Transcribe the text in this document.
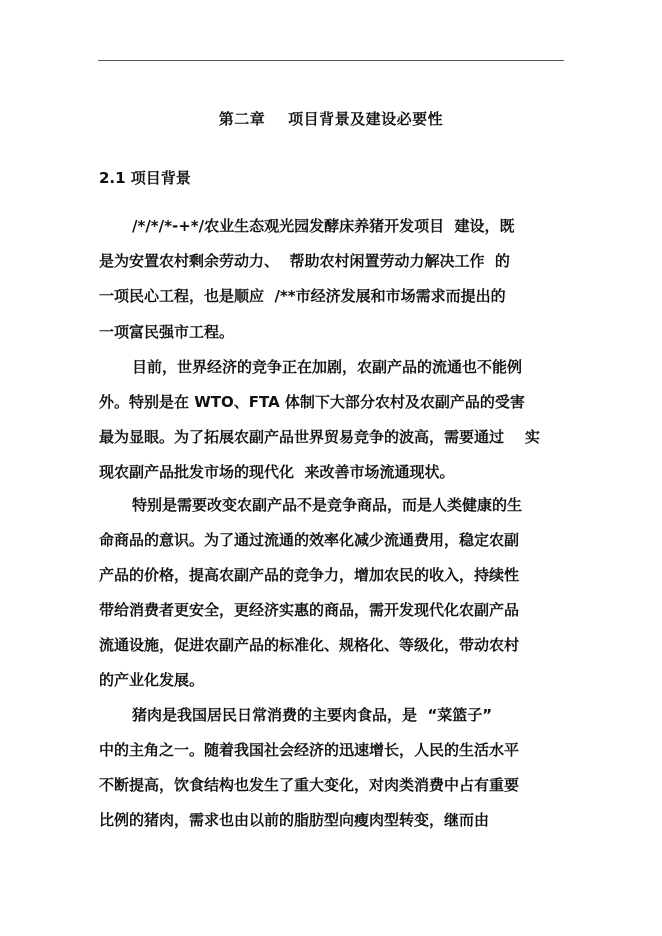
第二章    项目背景及建设必要性
2.1 项目背景
/*/*/*-+*/农业生态观光园发酵床养猪开发项目  建设，既
是为安置农村剩余劳动力、  帮助农村闲置劳动力解决工作  的
一项民心工程，也是顺应  /**市经济发展和市场需求而提出的
一项富民强市工程。
目前，世界经济的竞争正在加剧，农副产品的流通也不能例
外。特别是在 WTO、FTA 体制下大部分农村及农副产品的受害
最为显眼。为了拓展农副产品世界贸易竞争的波高，需要通过    实
现农副产品批发市场的现代化  来改善市场流通现状。
特别是需要改变农副产品不是竞争商品，而是人类健康的生
命商品的意识。为了通过流通的效率化减少流通费用，稳定农副
产品的价格，提高农副产品的竞争力，增加农民的收入，持续性
带给消费者更安全，更经济实惠的商品，需开发现代化农副产品
流通设施，促进农副产品的标准化、规格化、等级化，带动农村
的产业化发展。
猪肉是我国居民日常消费的主要肉食品，是  “菜篮子”
中的主角之一。随着我国社会经济的迅速增长，人民的生活水平
不断提高，饮食结构也发生了重大变化，对肉类消费中占有重要
比例的猪肉，需求也由以前的脂肪型向瘦肉型转变，继而由
